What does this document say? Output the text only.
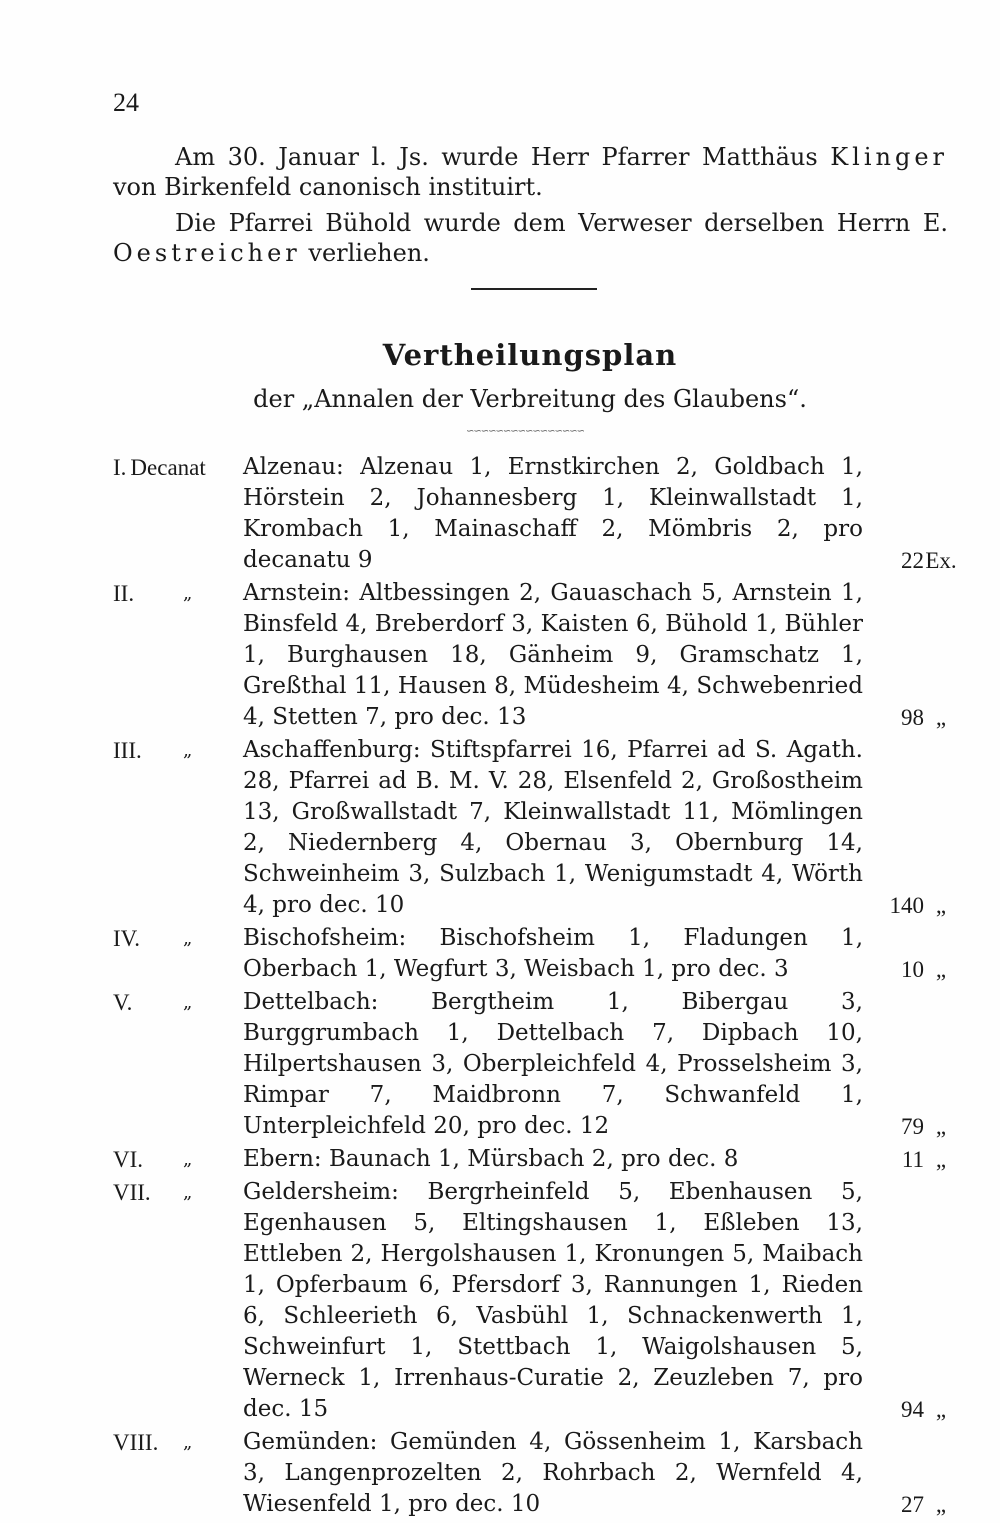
24

Am 30. Januar l. Js. wurde Herr Pfarrer Matthäus Klinger von Birkenfeld canonisch instituirt.

Die Pfarrei Bühold wurde dem Verweser derselben Herrn E. Oestreicher verliehen.

Vertheilungsplan
der „Annalen der Verbreitung des Glaubens“.
∽∽∽∽∽∽∽∽∽∽∽∽∽∽∽∽
I. Decanat Alzenau: Alzenau 1, Ernstkirchen 2, Goldbach 1, Hörstein 2, Johannesberg 1, Kleinwallstadt 1, Krombach 1, Mainaschaff 2, Mömbris 2, pro decanatu 9	22Ex.
II.	„ Arnstein: Altbessingen 2, Gauaschach 5, Arnstein 1, Binsfeld 4, Breberdorf 3, Kaisten 6, Bühold 1, Bühler 1, Burghausen 18, Gänheim 9, Gramschatz 1, Greßthal 11, Hausen 8, Müdesheim 4, Schwebenried 4, Stetten 7, pro dec. 13	98 „
III. „ Aschaffenburg: Stiftspfarrei 16, Pfarrei ad S. Agath. 28, Pfarrei ad B. M. V. 28, Elsenfeld 2, Großostheim 13, Großwallstadt 7, Kleinwallstadt 11, Mömlingen 2, Niedernberg 4, Obernau 3, Obernburg 14, Schweinheim 3, Sulzbach 1, Wenigumstadt 4, Wörth 4, pro dec. 10	140 „
IV. „ Bischofsheim: Bischofsheim 1, Fladungen 1, Oberbach 1, Wegfurt 3, Weisbach 1, pro dec. 3	10 „
V.	„ Dettelbach: Bergtheim 1, Bibergau 3, Burggrumbach 1, Dettelbach 7, Dipbach 10, Hilpertshausen 3, Oberpleichfeld 4, Prosselsheim 3, Rimpar 7, Maidbronn 7, Schwanfeld 1, Unterpleichfeld 20, pro dec. 12	79 „
VI. „ Ebern: Baunach 1, Mürsbach 2, pro dec. 8	11 „
VII. „ Geldersheim: Bergrheinfeld 5, Ebenhausen 5, Egenhausen 5, Eltingshausen 1, Eßleben 13, Ettleben 2, Hergolshausen 1, Kronungen 5, Maibach 1, Opferbaum 6, Pfersdorf 3, Rannungen 1, Rieden 6, Schleerieth 6, Vasbühl 1, Schnackenwerth 1, Schweinfurt 1, Stettbach 1, Waigolshausen 5, Werneck 1, Irrenhaus-Curatie 2, Zeuzleben 7, pro dec. 15	94 „
VIII. „ Gemünden: Gemünden 4, Gössenheim 1, Karsbach 3, Langenprozelten 2, Rohrbach 2, Wernfeld 4, Wiesenfeld 1, pro dec. 10	27 „
